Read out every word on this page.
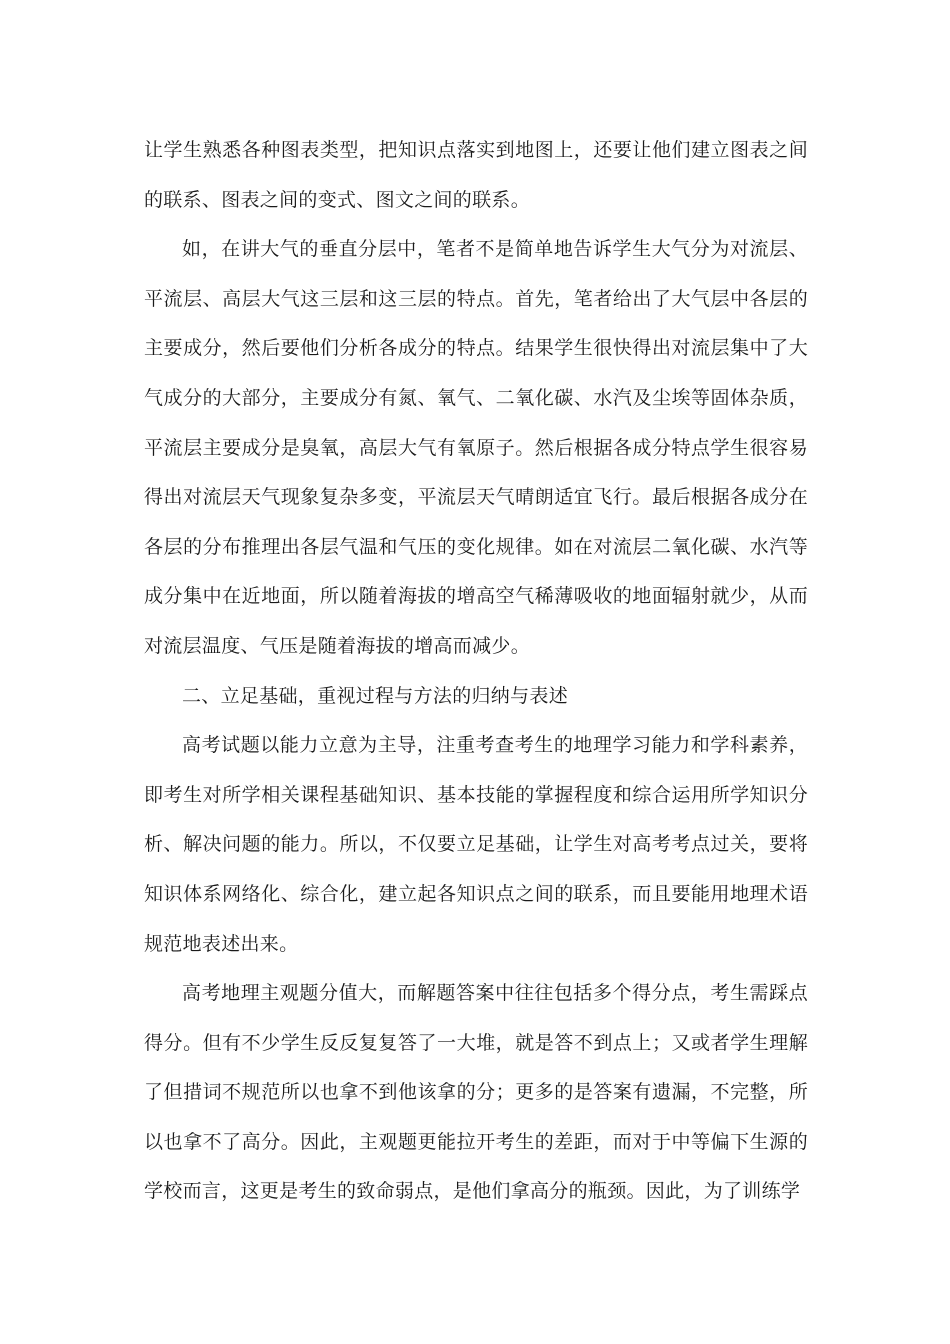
让学生熟悉各种图表类型，把知识点落实到地图上，还要让他们建立图表之间的联系、图表之间的变式、图文之间的联系。

如，在讲大气的垂直分层中，笔者不是简单地告诉学生大气分为对流层、平流层、高层大气这三层和这三层的特点。首先，笔者给出了大气层中各层的主要成分，然后要他们分析各成分的特点。结果学生很快得出对流层集中了大气成分的大部分，主要成分有氮、氧气、二氧化碳、水汽及尘埃等固体杂质，平流层主要成分是臭氧，高层大气有氧原子。然后根据各成分特点学生很容易得出对流层天气现象复杂多变，平流层天气晴朗适宜飞行。最后根据各成分在各层的分布推理出各层气温和气压的变化规律。如在对流层二氧化碳、水汽等成分集中在近地面，所以随着海拔的增高空气稀薄吸收的地面辐射就少，从而对流层温度、气压是随着海拔的增高而减少。

二、立足基础，重视过程与方法的归纳与表述

高考试题以能力立意为主导，注重考查考生的地理学习能力和学科素养，即考生对所学相关课程基础知识、基本技能的掌握程度和综合运用所学知识分析、解决问题的能力。所以，不仅要立足基础，让学生对高考考点过关，要将知识体系网络化、综合化，建立起各知识点之间的联系，而且要能用地理术语规范地表述出来。

高考地理主观题分值大，而解题答案中往往包括多个得分点，考生需踩点得分。但有不少学生反反复复答了一大堆，就是答不到点上；又或者学生理解了但措词不规范所以也拿不到他该拿的分；更多的是答案有遗漏，不完整，所以也拿不了高分。因此，主观题更能拉开考生的差距，而对于中等偏下生源的学校而言，这更是考生的致命弱点，是他们拿高分的瓶颈。因此，为了训练学
